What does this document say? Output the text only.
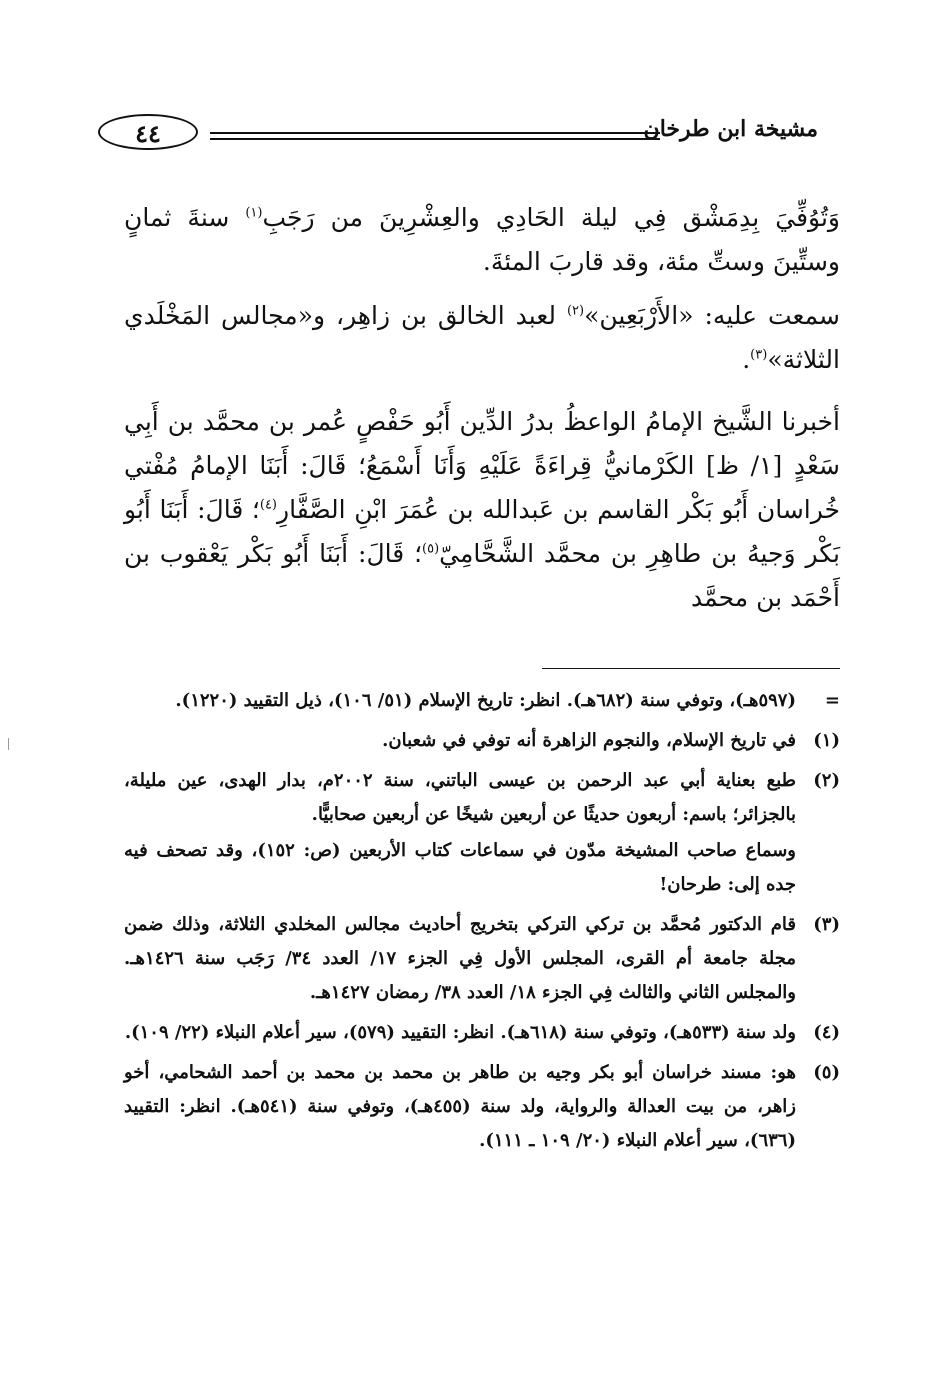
مشيخة ابن طرخان
٤٤

وَتُوُفِّيَ بِدِمَشْق فِي ليلة الحَادِي والعِشْرِينَ من رَجَبِ$^{(١)}$ سنةَ ثمانٍ وستِّينَ وستِّ مئة، وقد قاربَ المئةَ.

سمعت عليه: «الأَرْبَعِين»$^{(٢)}$ لعبد الخالق بن زاهِر، و«مجالس المَخْلَدي الثلاثة»$^{(٣)}$.

أخبرنا الشَّيخ الإمامُ الواعظُ بدرُ الدِّين أَبُو حَفْصٍ عُمر بن محمَّد بن أَبِي سَعْدٍ [١/ ظ] الكَرْمانيُّ قِراءَةً عَلَيْهِ وَأَنَا أَسْمَعُ؛ قَالَ: أَبَنَا الإمامُ مُفْتي خُراسان أَبُو بَكْر القاسم بن عَبدالله بن عُمَرَ ابْنِ الصَّفَّارِ$^{(٤)}$؛ قَالَ: أَبَنَا أَبُو بَكْر وَجيهُ بن طاهِرِ بن محمَّد الشَّحَّامِيّ$^{(٥)}$؛ قَالَ: أَبَنَا أَبُو بَكْر يَعْقوب بن أَحْمَد بن محمَّد

=
(٥٩٧هـ)، وتوفي سنة (٦٨٢هـ). انظر: تاريخ الإسلام (٥١/ ١٠٦)، ذيل التقييد (١٢٢٠).
(١)
في تاريخ الإسلام، والنجوم الزاهرة أنه توفي في شعبان.
(٢)
طبع بعناية أبي عبد الرحمن بن عيسى الباتني، سنة ٢٠٠٢م، بدار الهدى، عين مليلة، بالجزائر؛ باسم: أربعون حديثًا عن أربعين شيخًا عن أربعين صحابيًّا.
وسماع صاحب المشيخة مدّون في سماعات كتاب الأربعين (ص: ١٥٢)، وقد تصحف فيه جده إلى: طرحان!
(٣)
قام الدكتور مُحمَّد بن تركي التركي بتخريج أحاديث مجالس المخلدي الثلاثة، وذلك ضمن مجلة جامعة أم القرى، المجلس الأول فِي الجزء ١٧/ العدد ٣٤/ رَجَب سنة ١٤٢٦هـ. والمجلس الثاني والثالث فِي الجزء ١٨/ العدد ٣٨/ رمضان ١٤٢٧هـ.
(٤)
ولد سنة (٥٣٣هـ)، وتوفي سنة (٦١٨هـ). انظر: التقييد (٥٧٩)، سير أعلام النبلاء (٢٢/ ١٠٩).
(٥)
هو: مسند خراسان أبو بكر وجيه بن طاهر بن محمد بن محمد بن أحمد الشحامي، أخو زاهر، من بيت العدالة والرواية، ولد سنة (٤٥٥هـ)، وتوفي سنة (٥٤١هـ). انظر: التقييد (٦٣٦)، سير أعلام النبلاء (٢٠/ ١٠٩ ـ ١١١).
